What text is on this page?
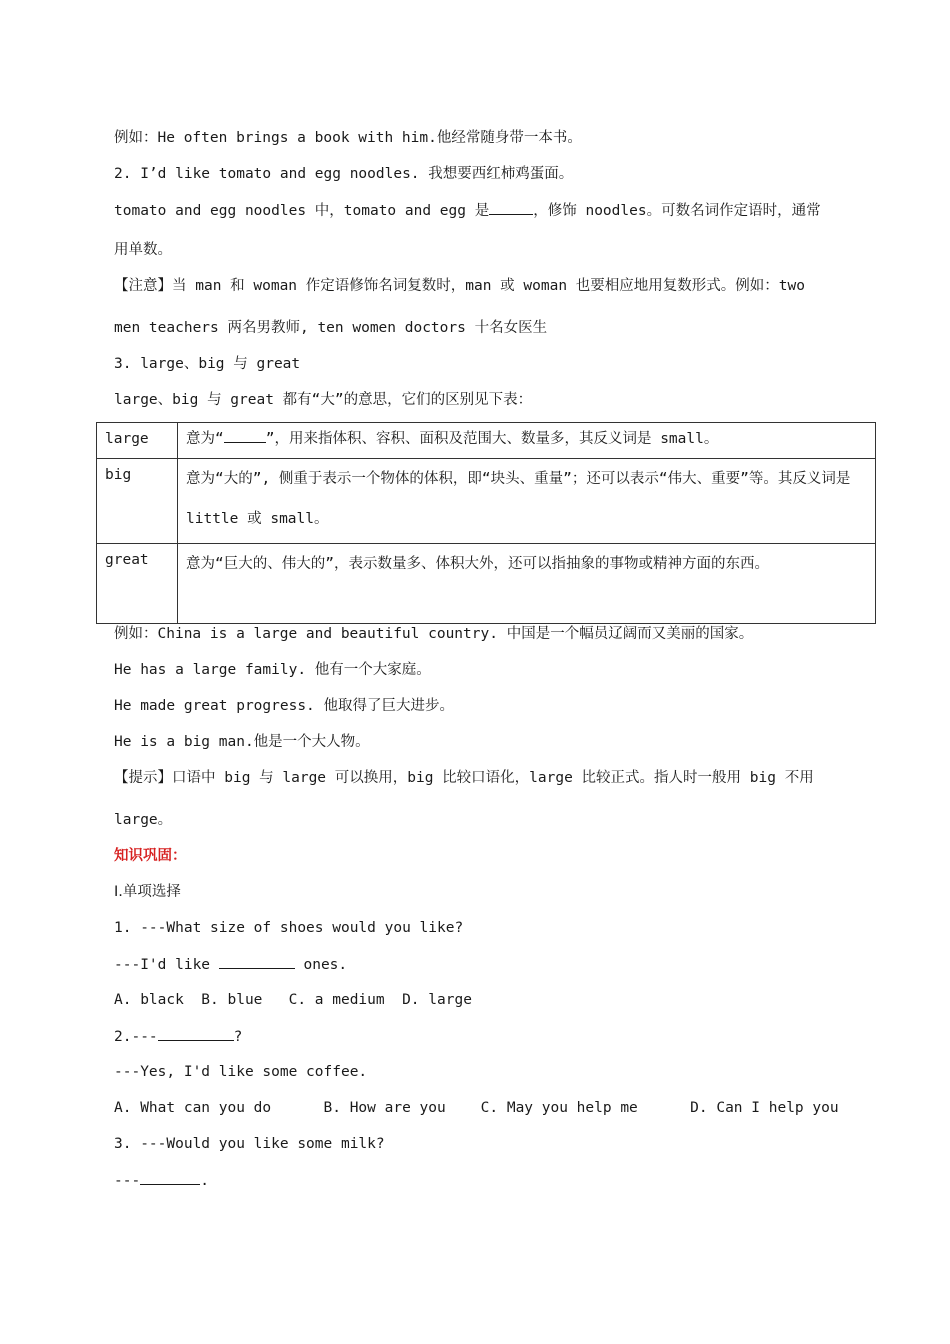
例如：He often brings a book with him.他经常随身带一本书。
2. I’d like tomato and egg noodles. 我想要西红柿鸡蛋面。
tomato and egg noodles 中，tomato and egg 是	，修饰 noodles。可数名词作定语时，通常
用单数。
【注意】当 man 和 woman 作定语修饰名词复数时，man 或 woman 也要相应地用复数形式。例如：two
men teachers 两名男教师, ten women doctors 十名女医生
3. large、big 与 great
large、big 与 great 都有“大”的意思，它们的区别见下表：
large	意为“ ”，用来指体积、容积、面积及范围大、数量多，其反义词是 small。
big	意为“大的”, 侧重于表示一个物体的体积，即“块头、重量”；还可以表示“伟大、重要”等。其反义词是 little 或 small。
great	意为“巨大的、伟大的”，表示数量多、体积大外，还可以指抽象的事物或精神方面的东西。
例如：China is a large and beautiful country. 中国是一个幅员辽阔而又美丽的国家。
He has a large family. 他有一个大家庭。
He made great progress. 他取得了巨大进步。
He is a big man.他是一个大人物。
【提示】口语中 big 与 large 可以换用，big 比较口语化，large 比较正式。指人时一般用 big 不用
large。
知识巩固：
Ⅰ.单项选择
1. ---What size of shoes would you like?
---I'd like	ones.
A. black  B. blue   C. a medium  D. large
2.---	?
---Yes, I'd like some coffee.
A. What can you do      B. How are you    C. May you help me      D. Can I help you
3. ---Would you like some milk?
---	.
